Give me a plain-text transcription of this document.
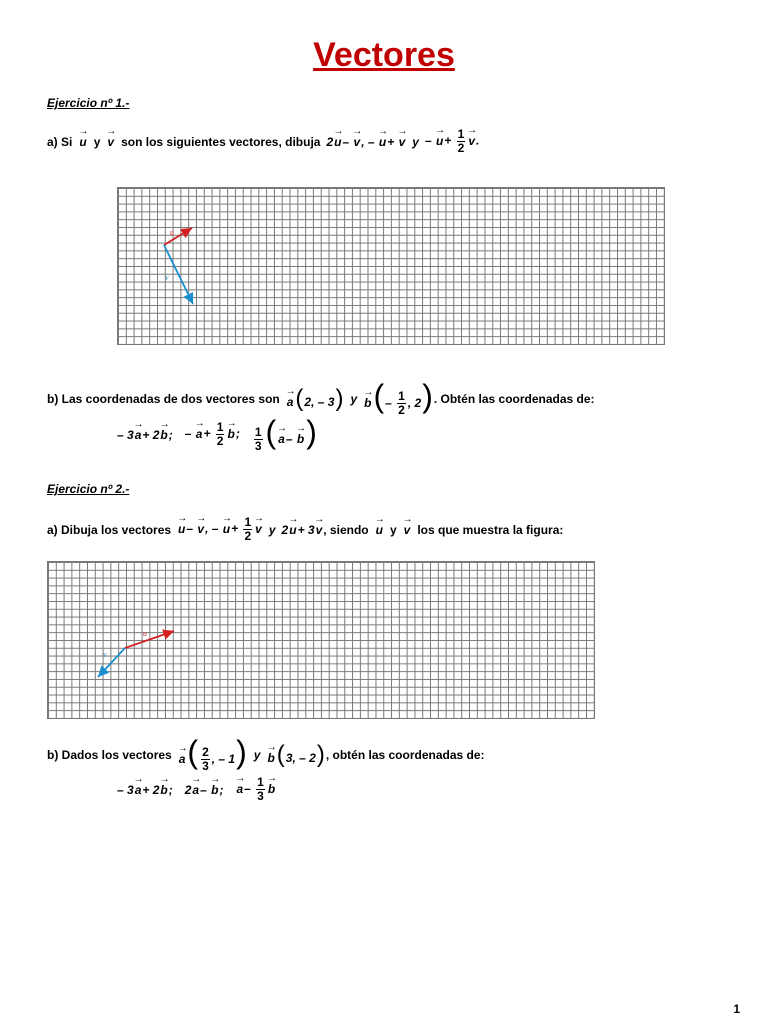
Vectores
Ejercicio nº 1.-
a) Si
→ u y
→ v son los siguientes vectores, dibuja 2→ u– → v, – → u+ → v y – → $u+ \frac{1}{2}$
→ v.
u
v
b) Las coordenadas de dos vectores son
→ a(2, – 3) y
→ $b(- \frac{1}{2}$ , 2) . Obtén las coordenadas de:
– 3→ a+ 2→ b; – → $a+ \frac{1}{2}$
→ b; $\frac{1}{3}$ (→ a– → b)
Ejercicio nº 2.-
a) Dibuja los vectores
→ u– → v, – → $u+ \frac{1}{2}$
→ v y 2→ u+ 3→ v , siendo
→ u y
→ v los que muestra la figura:
u
v
b) Dados los vectores
→ $a( \frac{2}{3}$ , – 1) y
→ b(3, – 2) , obtén las coordenadas de:
– 3→ a+ 2→ b; 2→ a– → b;
→ $a- \frac{1}{3}$
→ b
1
